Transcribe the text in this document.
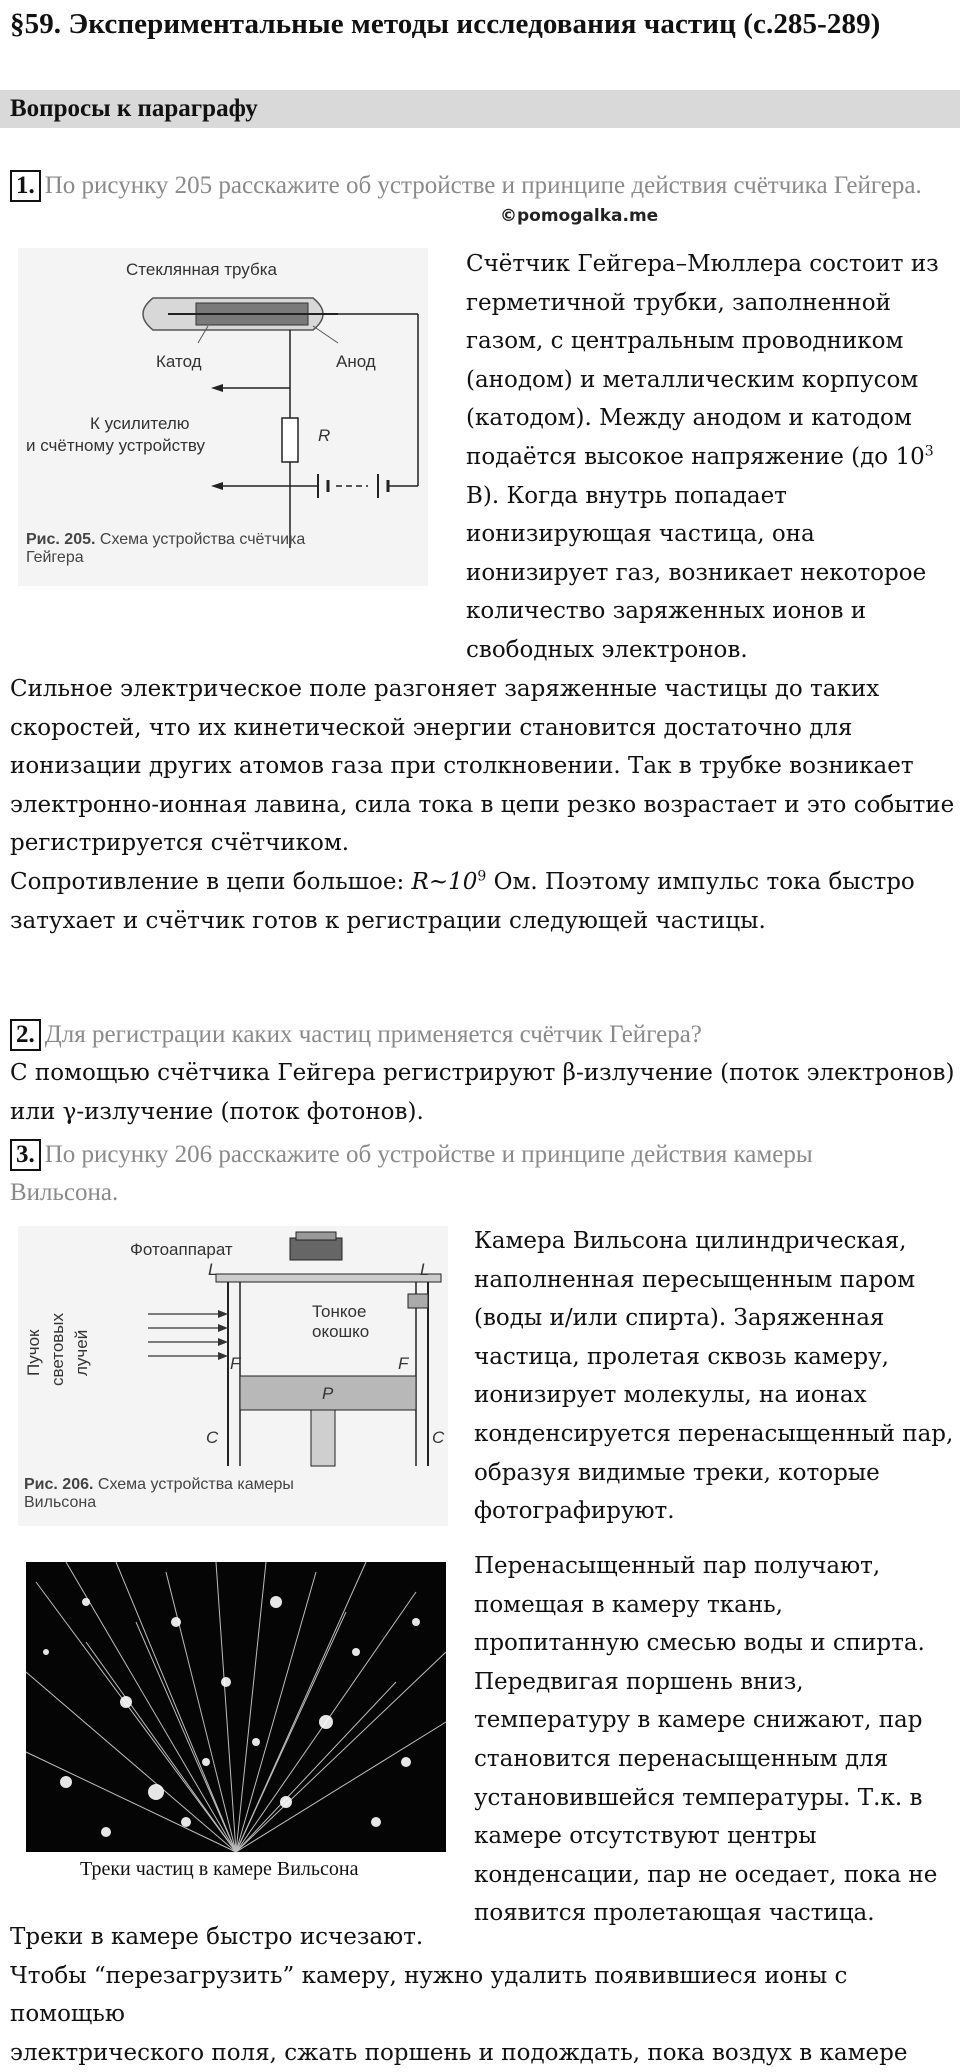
§59. Экспериментальные методы исследования частиц (с.285-289)
Вопросы к параграфу
1. По рисунку 205 расскажите об устройстве и принципе действия счётчика Гейгера.
©pomogalka.me
Стеклянная трубка
Катод	Анод
К усилителю
и счётному устройству
R
Рис. 205. Схема устройства счётчика
Гейгера
Счётчик Гейгера–Мюллера состоит из
герметичной трубки, заполненной
газом, с центральным проводником
(анодом) и металлическим корпусом
(катодом). Между анодом и катодом
подаётся высокое напряжение (до $10^3$
В). Когда внутрь попадает
ионизирующая частица, она
ионизирует газ, возникает некоторое
количество заряженных ионов и
свободных электронов.
Сильное электрическое поле разгоняет заряженные частицы до таких
скоростей, что их кинетической энергии становится достаточно для
ионизации других атомов газа при столкновении. Так в трубке возникает
электронно-ионная лавина, сила тока в цепи резко возрастает и это событие
регистрируется счётчиком.
Сопротивление в цепи большое: $R\sim 10^9$ Ом. Поэтому импульс тока быстро
затухает и счётчик готов к регистрации следующей частицы.
2. Для регистрации каких частиц применяется счётчик Гейгера?
С помощью счётчика Гейгера регистрируют β-излучение (поток электронов)
или γ-излучение (поток фотонов).
3. По рисунку 206 расскажите об устройстве и принципе действия камеры
Вильсона.
Фотоаппарат
L	L
Пучок световых лучей
Тонкое
окошко
F	F
P
C	C
Рис. 206. Схема устройства камеры
Вильсона
Камера Вильсона цилиндрическая,
наполненная пересыщенным паром
(воды и/или спирта). Заряженная
частица, пролетая сквозь камеру,
ионизирует молекулы, на ионах
конденсируется перенасыщенный пар,
образуя видимые треки, которые
фотографируют.
Треки частиц в камере Вильсона
Перенасыщенный пар получают,
помещая в камеру ткань,
пропитанную смесью воды и спирта.
Передвигая поршень вниз,
температуру в камере снижают, пар
становится перенасыщенным для
установившейся температуры. Т.к. в
камере отсутствуют центры
конденсации, пар не оседает, пока не
появится пролетающая частица.
Треки в камере быстро исчезают.
Чтобы “перезагрузить” камеру, нужно удалить появившиеся ионы с помощью
электрического поля, сжать поршень и подождать, пока воздух в камере
